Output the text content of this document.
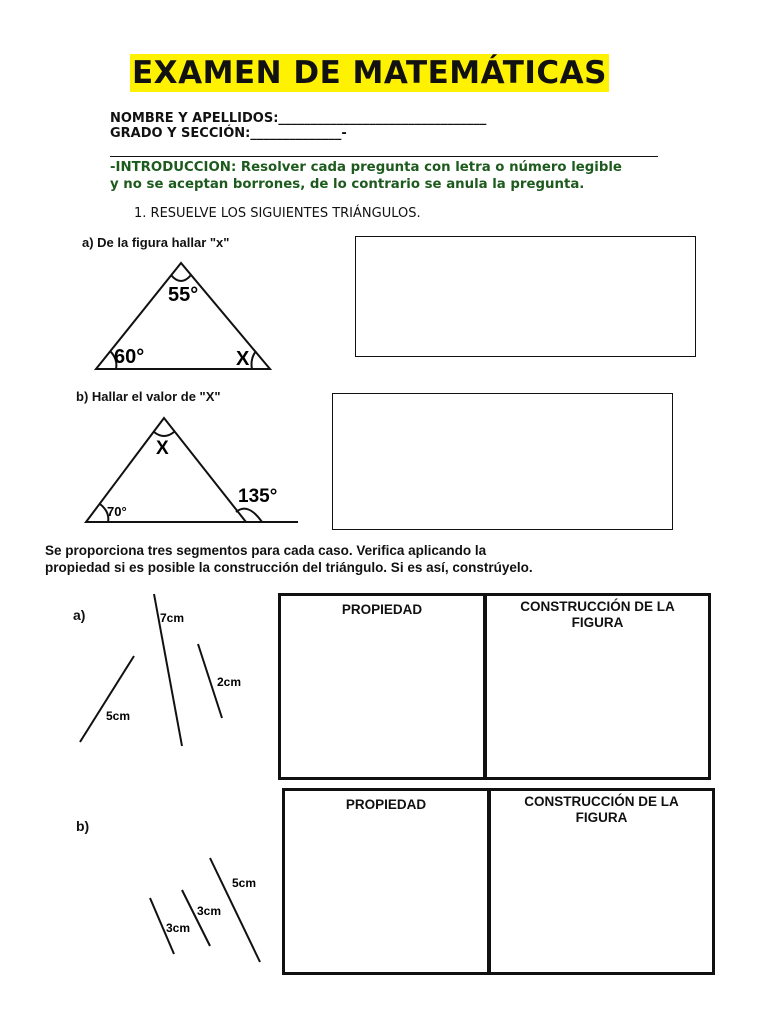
EXAMEN DE MATEMÁTICAS
NOMBRE Y APELLIDOS:________________________________
GRADO Y SECCIÓN:______________-
-INTRODUCCION: Resolver cada pregunta con letra o número legible
y no se aceptan borrones, de lo contrario se anula la pregunta.
1. RESUELVE LOS SIGUIENTES TRIÁNGULOS.
a) De la figura hallar "x"
55°
60°	X
b) Hallar el valor de "X"
X
70°
135°
Se proporciona tres segmentos para cada caso. Verifica aplicando la
propiedad si es posible la construcción del triángulo. Si es así, constrúyelo.
a)	7cm
2cm
5cm
PROPIEDAD	CONSTRUCCIÓN DE LA FIGURA
b)
5cm
3cm
3cm
PROPIEDAD	CONSTRUCCIÓN DE LA FIGURA
